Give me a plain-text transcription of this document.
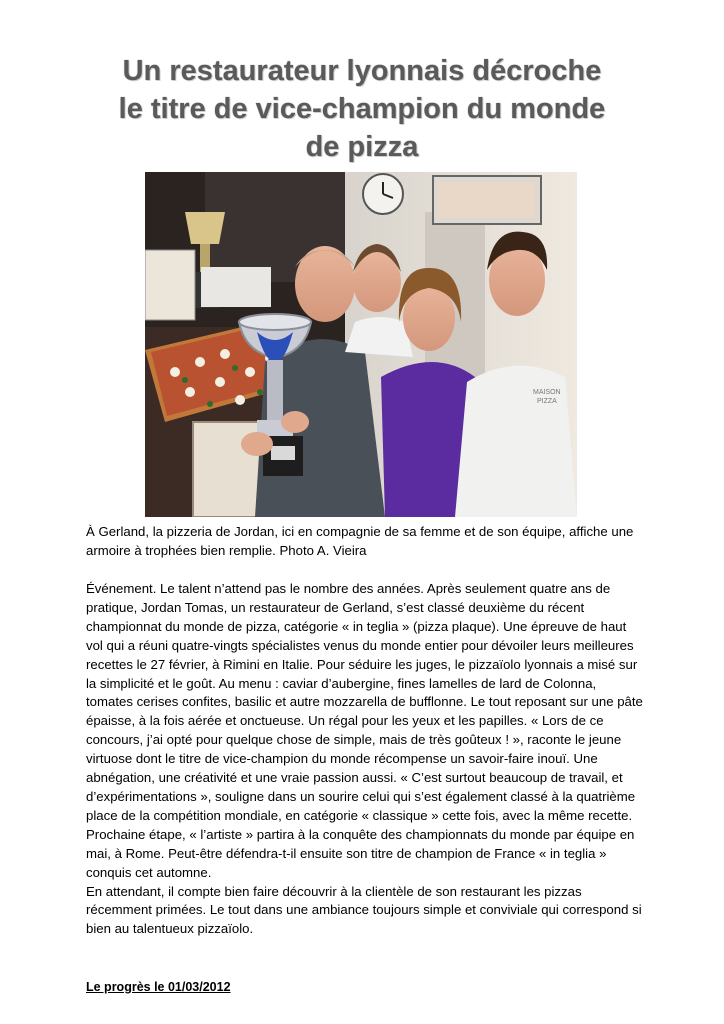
Un restaurateur lyonnais décroche
le titre de vice-champion du monde
de pizza
MAISON
PIZZA
À Gerland, la pizzeria de Jordan, ici en compagnie de sa femme et de son équipe, affiche une armoire à trophées bien remplie. Photo A. Vieira

Événement. Le talent n’attend pas le nombre des années. Après seulement quatre ans de pratique, Jordan Tomas, un restaurateur de Gerland, s’est classé deuxième du récent championnat du monde de pizza, catégorie « in teglia » (pizza plaque). Une épreuve de haut vol qui a réuni quatre-vingts spécialistes venus du monde entier pour dévoiler leurs meilleures recettes le 27 février, à Rimini en Italie. Pour séduire les juges, le pizzaïolo lyonnais a misé sur la simplicité et le goût. Au menu : caviar d’aubergine, fines lamelles de lard de Colonna, tomates cerises confites, basilic et autre mozzarella de bufflonne. Le tout reposant sur une pâte épaisse, à la fois aérée et onctueuse. Un régal pour les yeux et les papilles. « Lors de ce concours, j’ai opté pour quelque chose de simple, mais de très goûteux ! », raconte le jeune virtuose dont le titre de vice-champion du monde récompense un savoir-faire inouï. Une abnégation, une créativité et une vraie passion aussi. « C’est surtout beaucoup de travail, et d’expérimentations », souligne dans un sourire celui qui s’est également classé à la quatrième place de la compétition mondiale, en catégorie « classique » cette fois, avec la même recette.

Prochaine étape, « l’artiste » partira à la conquête des championnats du monde par équipe en mai, à Rome. Peut-être défendra-t-il ensuite son titre de champion de France « in teglia » conquis cet automne.

En attendant, il compte bien faire découvrir à la clientèle de son restaurant les pizzas récemment primées. Le tout dans une ambiance toujours simple et conviviale qui correspond si bien au talentueux pizzaïolo.

Le progrès le 01/03/2012
